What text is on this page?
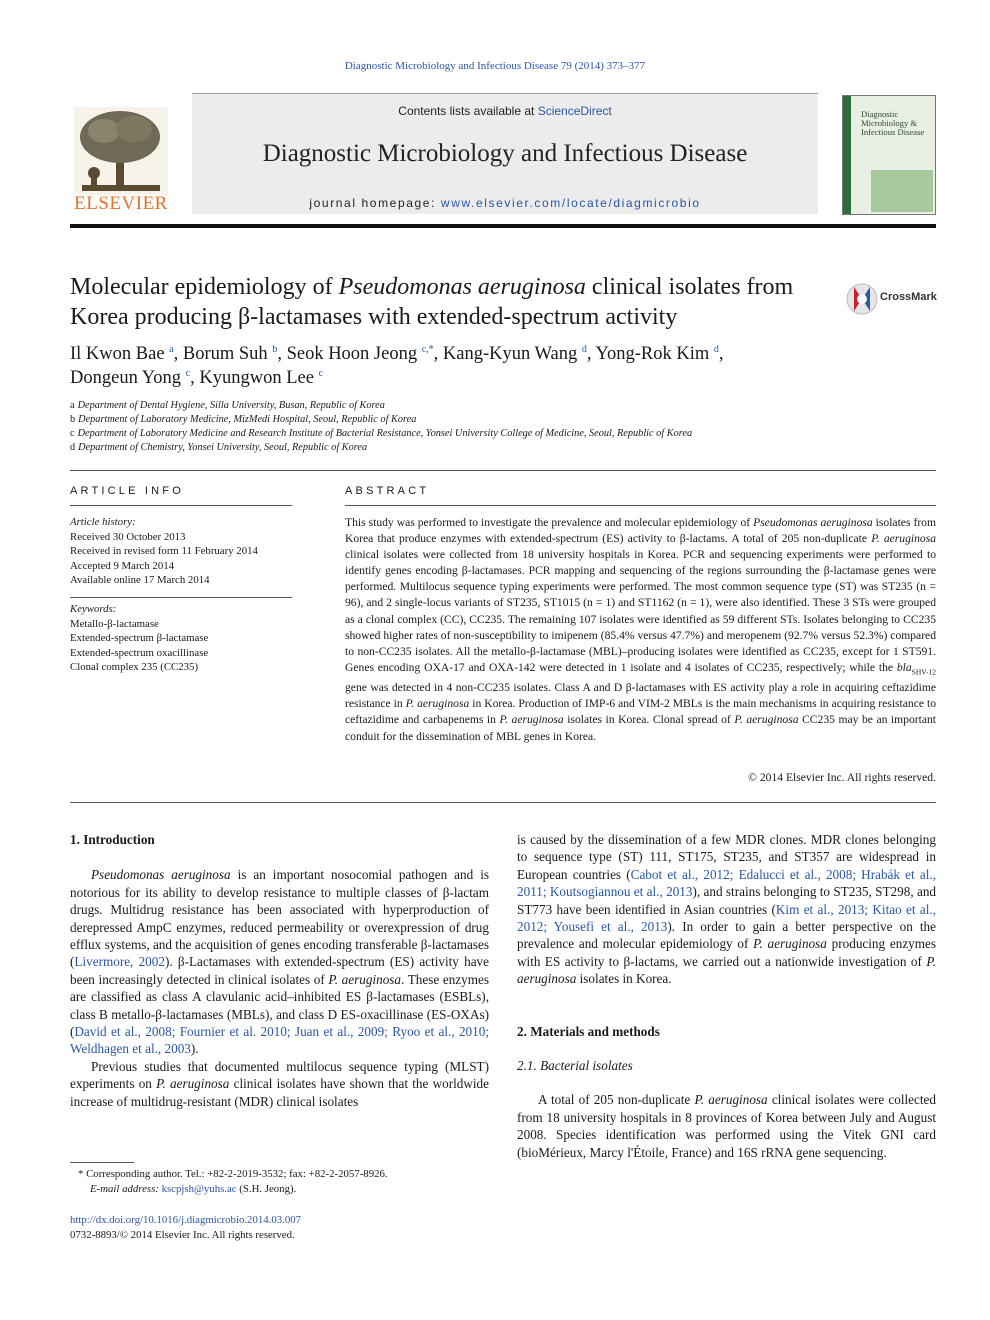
Diagnostic Microbiology and Infectious Disease 79 (2014) 373–377
ELSEVIER
Contents lists available at ScienceDirect
Diagnostic Microbiology and Infectious Disease
journal homepage: www.elsevier.com/locate/diagmicrobio
Diagnostic
Microbiology &
Infectious Disease
Molecular epidemiology of Pseudomonas aeruginosa clinical isolates from Korea producing β-lactamases with extended-spectrum activity
CrossMark
Il Kwon Bae $^a$, Borum Suh $^b$, Seok Hoon Jeong $^{c,*}$, Kang-Kyun Wang $^d$, Yong-Rok Kim $^d$,
Dongeun Yong $^c$, Kyungwon Lee $^c$
a Department of Dental Hygiene, Silla University, Busan, Republic of Korea
b Department of Laboratory Medicine, MizMedi Hospital, Seoul, Republic of Korea
c Department of Laboratory Medicine and Research Institute of Bacterial Resistance, Yonsei University College of Medicine, Seoul, Republic of Korea
d Department of Chemistry, Yonsei University, Seoul, Republic of Korea
ARTICLE INFO
Article history:
Received 30 October 2013
Received in revised form 11 February 2014
Accepted 9 March 2014
Available online 17 March 2014
Keywords:
Metallo-β-lactamase
Extended-spectrum β-lactamase
Extended-spectrum oxacillinase
Clonal complex 235 (CC235)
ABSTRACT
This study was performed to investigate the prevalence and molecular epidemiology of Pseudomonas aeruginosa isolates from Korea that produce enzymes with extended-spectrum (ES) activity to β-lactams. A total of 205 non-duplicate P. aeruginosa clinical isolates were collected from 18 university hospitals in Korea. PCR and sequencing experiments were performed to identify genes encoding β-lactamases. PCR mapping and sequencing of the regions surrounding the β-lactamase genes were performed. Multilocus sequence typing experiments were performed. The most common sequence type (ST) was ST235 (n = 96), and 2 single-locus variants of ST235, ST1015 (n = 1) and ST1162 (n = 1), were also identified. These 3 STs were grouped as a clonal complex (CC), CC235. The remaining 107 isolates were identified as 59 different STs. Isolates belonging to CC235 showed higher rates of non-susceptibility to imipenem (85.4% versus 47.7%) and meropenem (92.7% versus 52.3%) compared to non-CC235 isolates. All the metallo-β-lactamase (MBL)–producing isolates were identified as CC235, except for 1 ST591. Genes encoding OXA-17 and OXA-142 were detected in 1 isolate and 4 isolates of CC235, respectively; while the bla$_{SHV-12}$ gene was detected in 4 non-CC235 isolates. Class A and D β-lactamases with ES activity play a role in acquiring ceftazidime resistance in P. aeruginosa in Korea. Production of IMP-6 and VIM-2 MBLs is the main mechanisms in acquiring resistance to ceftazidime and carbapenems in P. aeruginosa isolates in Korea. Clonal spread of P. aeruginosa CC235 may be an important conduit for the dissemination of MBL genes in Korea.
© 2014 Elsevier Inc. All rights reserved.

1. Introduction

Pseudomonas aeruginosa is an important nosocomial pathogen and is notorious for its ability to develop resistance to multiple classes of β-lactam drugs. Multidrug resistance has been associated with hyperproduction of derepressed AmpC enzymes, reduced permeability or overexpression of drug efflux systems, and the acquisition of genes encoding transferable β-lactamases (Livermore, 2002). β-Lactamases with extended-spectrum (ES) activity have been increasingly detected in clinical isolates of P. aeruginosa. These enzymes are classified as class A clavulanic acid–inhibited ES β-lactamases (ESBLs), class B metallo-β-lactamases (MBLs), and class D ES-oxacillinase (ES-OXAs) (David et al., 2008; Fournier et al. 2010; Juan et al., 2009; Ryoo et al., 2010; Weldhagen et al., 2003).

Previous studies that documented multilocus sequence typing (MLST) experiments on P. aeruginosa clinical isolates have shown that the worldwide increase of multidrug-resistant (MDR) clinical isolates

* Corresponding author. Tel.: +82-2-2019-3532; fax: +82-2-2057-8926.
E-mail address: kscpjsh@yuhs.ac (S.H. Jeong).
http://dx.doi.org/10.1016/j.diagmicrobio.2014.03.007
0732-8893/© 2014 Elsevier Inc. All rights reserved.

is caused by the dissemination of a few MDR clones. MDR clones belonging to sequence type (ST) 111, ST175, ST235, and ST357 are widespread in European countries (Cabot et al., 2012; Edalucci et al., 2008; Hrabák et al., 2011; Koutsogiannou et al., 2013), and strains belonging to ST235, ST298, and ST773 have been identified in Asian countries (Kim et al., 2013; Kitao et al., 2012; Yousefi et al., 2013). In order to gain a better perspective on the prevalence and molecular epidemiology of P. aeruginosa producing enzymes with ES activity to β-lactams, we carried out a nationwide investigation of P. aeruginosa isolates in Korea.

2. Materials and methods

2.1. Bacterial isolates

A total of 205 non-duplicate P. aeruginosa clinical isolates were collected from 18 university hospitals in 8 provinces of Korea between July and August 2008. Species identification was performed using the Vitek GNI card (bioMérieux, Marcy l'Étoile, France) and 16S rRNA gene sequencing.
